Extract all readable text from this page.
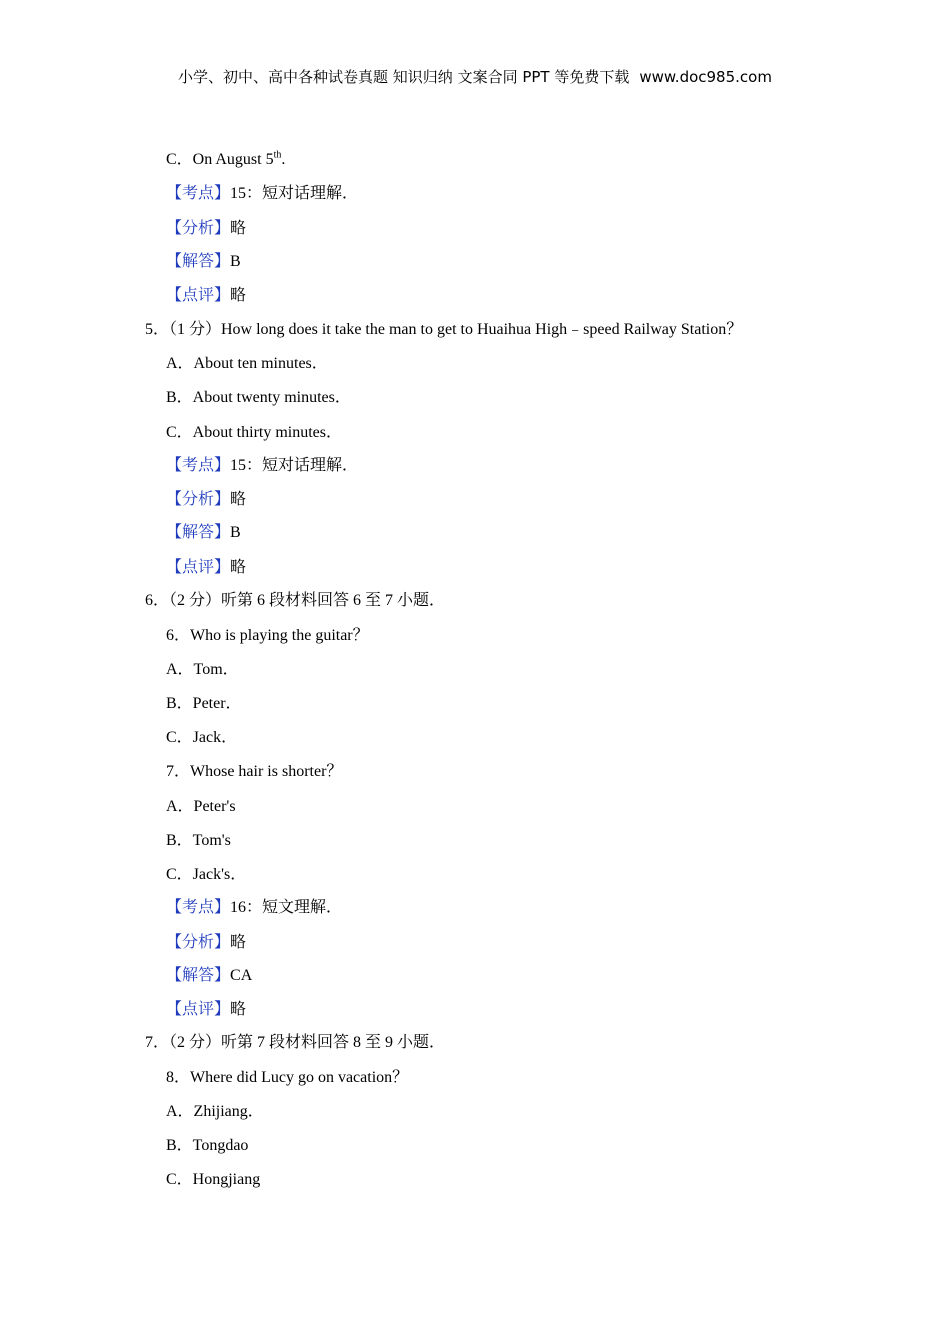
小学、初中、高中各种试卷真题 知识归纳 文案合同 PPT 等免费下载 www.doc985.com
C．On August 5th.
【考点】15：短对话理解．
【分析】略
【解答】B
【点评】略
5．（1 分）How long does it take the man to get to Huaihua High﹣speed Railway Station？
A．About ten minutes．
B．About twenty minutes．
C．About thirty minutes．
【考点】15：短对话理解．
【分析】略
【解答】B
【点评】略
6．（2 分）听第 6 段材料回答 6 至 7 小题．
6．Who is playing the guitar？
A．Tom．
B．Peter．
C．Jack．
7．Whose hair is shorter？
A．Peter's
B．Tom's
C．Jack's．
【考点】16：短文理解．
【分析】略
【解答】CA
【点评】略
7．（2 分）听第 7 段材料回答 8 至 9 小题．
8．Where did Lucy go on vacation？
A．Zhijiang．
B．Tongdao
C．Hongjiang
